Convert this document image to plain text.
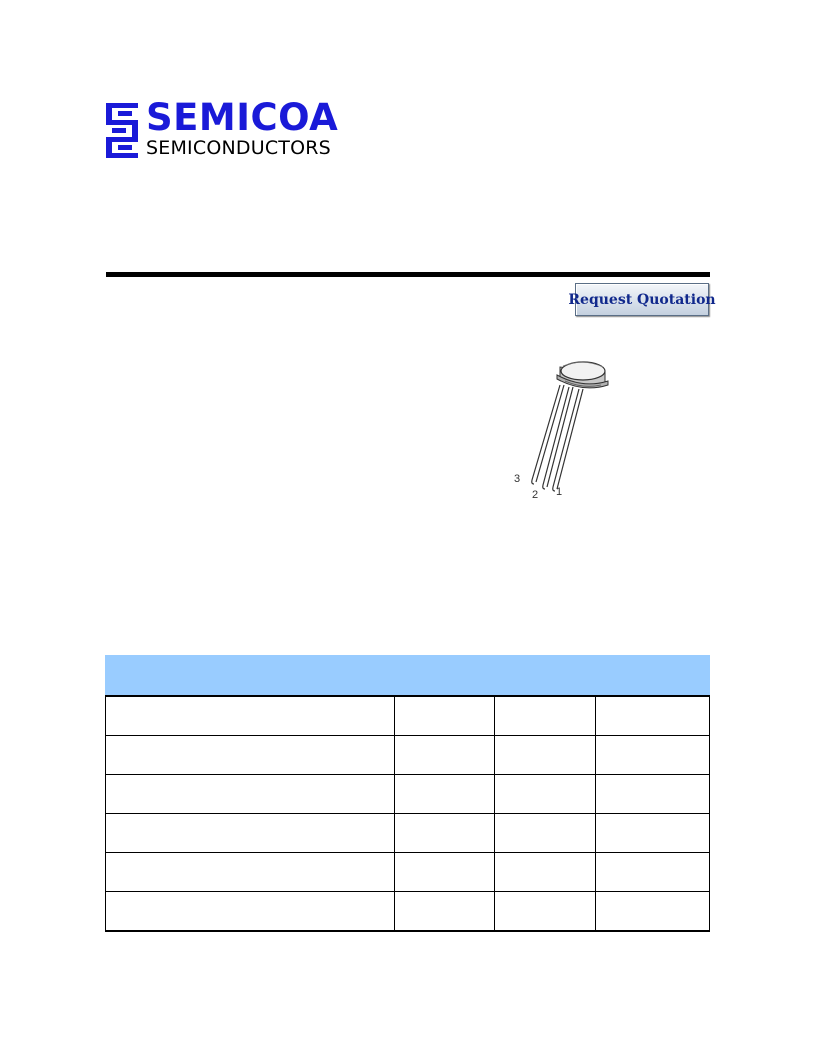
SEMICOA
SEMICONDUCTORS
Request Quotation
3
2 1
